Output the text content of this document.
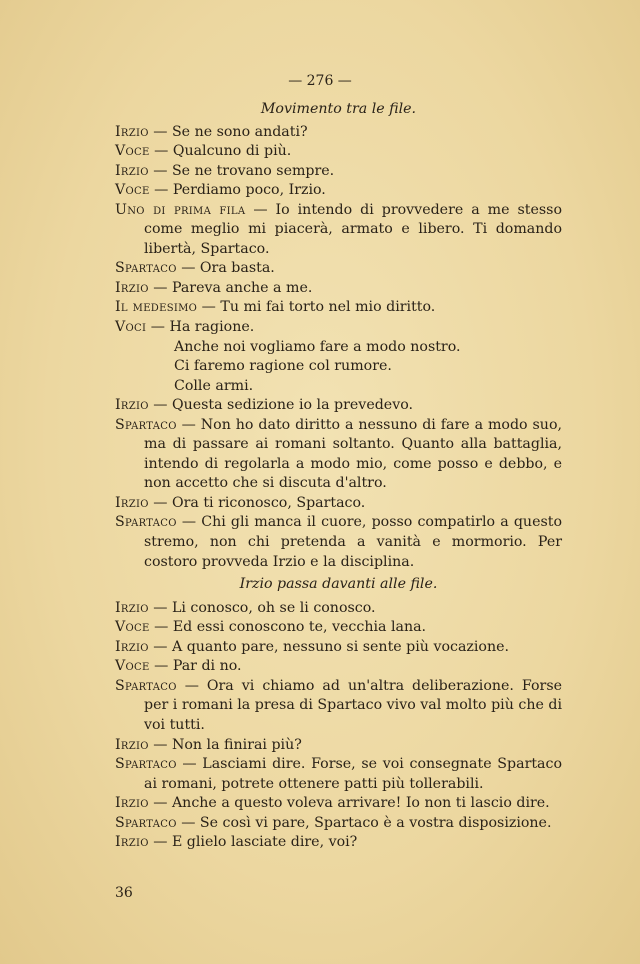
— 276 —

Movimento tra le file.

Irzio — Se ne sono andati?

Voce — Qualcuno di più.

Irzio — Se ne trovano sempre.

Voce — Perdiamo poco, Irzio.

Uno di prima fila — Io intendo di provvedere a me stesso come meglio mi piacerà, armato e libero. Ti domando libertà, Spartaco.

Spartaco — Ora basta.

Irzio — Pareva anche a me.

Il medesimo — Tu mi fai torto nel mio diritto.

Voci — Ha ragione.

Anche noi vogliamo fare a modo nostro.

Ci faremo ragione col rumore.

Colle armi.

Irzio — Questa sedizione io la prevedevo.

Spartaco — Non ho dato diritto a nessuno di fare a modo suo, ma di passare ai romani soltanto. Quanto alla battaglia, intendo di regolarla a modo mio, come posso e debbo, e non accetto che si discuta d'altro.

Irzio — Ora ti riconosco, Spartaco.

Spartaco — Chi gli manca il cuore, posso compatirlo a questo stremo, non chi pretenda a vanità e mormorio. Per costoro provveda Irzio e la disciplina.

Irzio passa davanti alle file.

Irzio — Li conosco, oh se li conosco.

Voce — Ed essi conoscono te, vecchia lana.

Irzio — A quanto pare, nessuno si sente più vocazione.

Voce — Par di no.

Spartaco — Ora vi chiamo ad un'altra deliberazione. Forse per i romani la presa di Spartaco vivo val molto più che di voi tutti.

Irzio — Non la finirai più?

Spartaco — Lasciami dire. Forse, se voi consegnate Spartaco ai romani, potrete ottenere patti più tollerabili.

Irzio — Anche a questo voleva arrivare! Io non ti lascio dire.

Spartaco — Se così vi pare, Spartaco è a vostra disposizione.

Irzio — E glielo lasciate dire, voi?

36
